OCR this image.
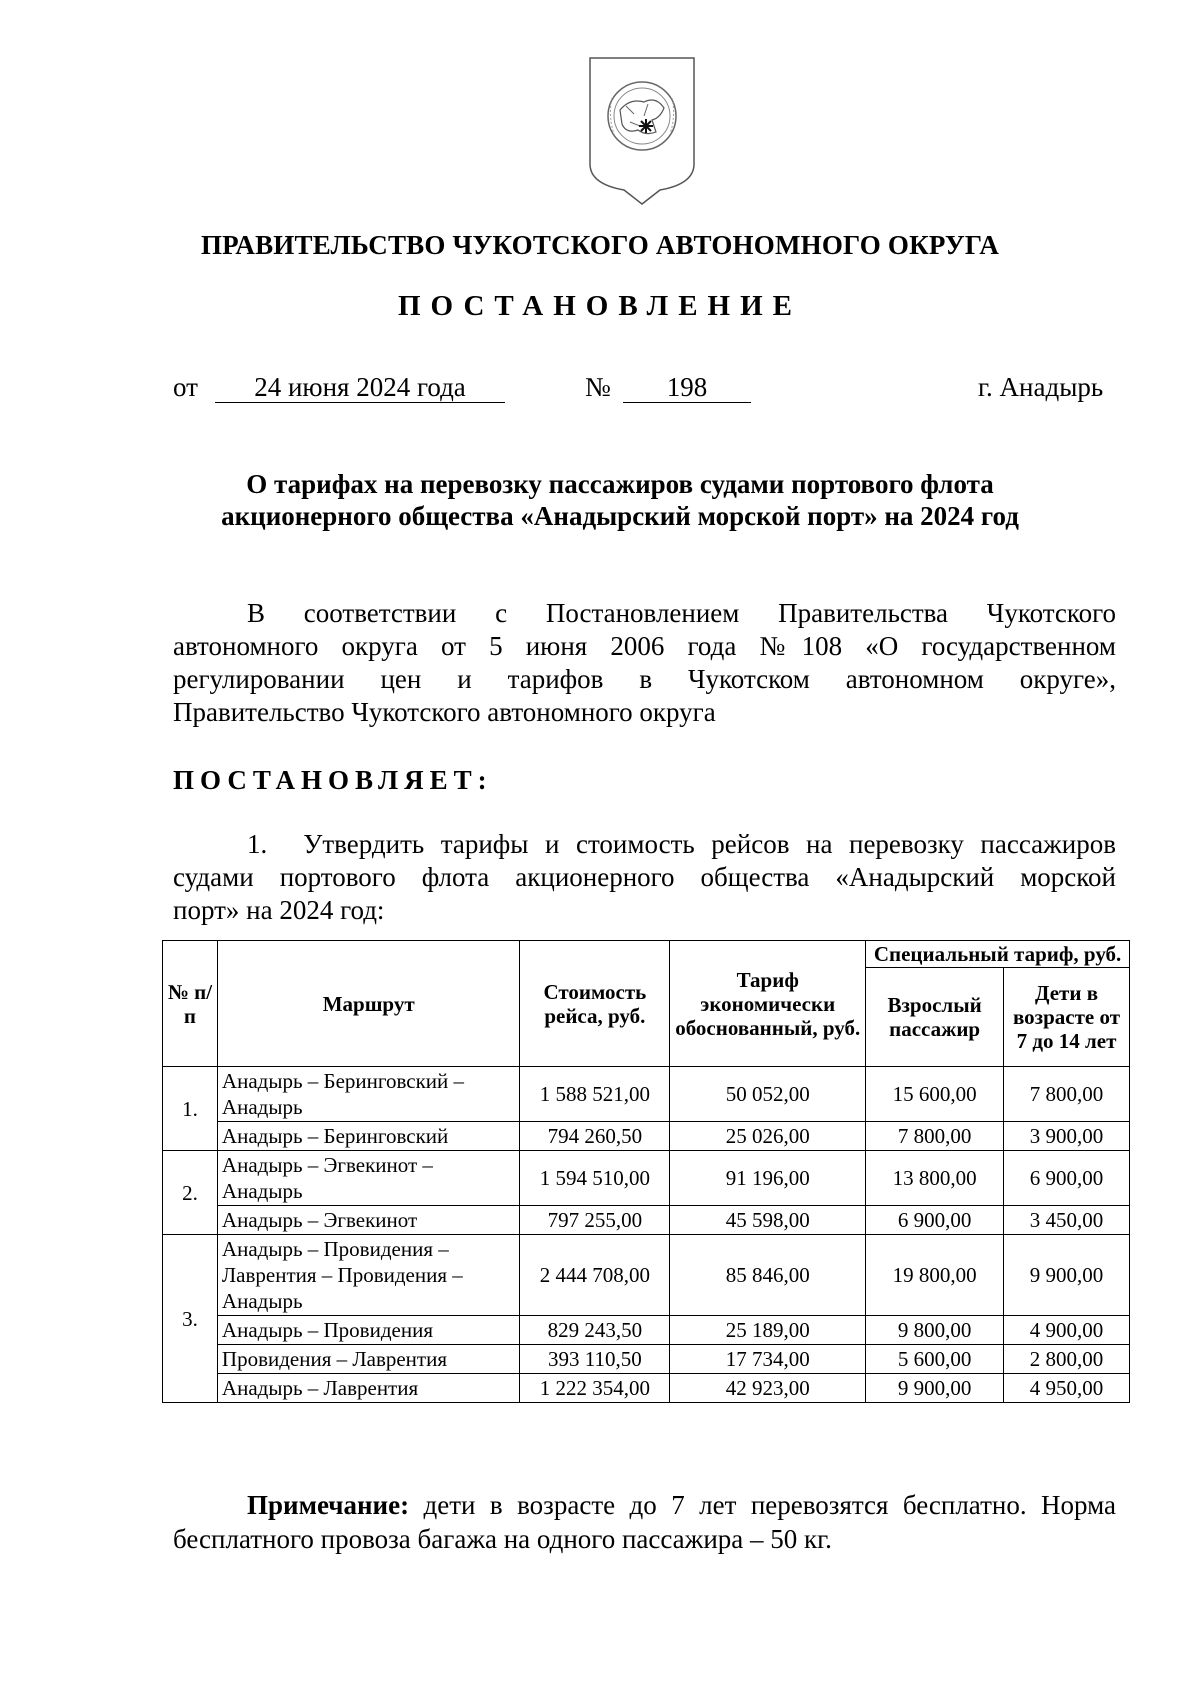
ПРАВИТЕЛЬСТВО ЧУКОТСКОГО АВТОНОМНОГО ОКРУГА
ПОСТАНОВЛЕНИЕ
от	24 июня 2024 года	№	198	г. Анадырь
О тарифах на перевозку пассажиров судами портового флота
акционерного общества «Анадырский морской порт» на 2024 год
В соответствии с Постановлением Правительства Чукотского
автономного округа от 5 июня 2006 года №108 «О государственном
регулировании цен и тарифов в Чукотском автономном округе»,
Правительство Чукотского автономного округа
ПОСТАНОВЛЯЕТ:
1. Утвердить тарифы и стоимость рейсов на перевозку пассажиров
судами портового флота акционерного общества «Анадырский морской
порт» на 2024 год:
№ п/п	Маршрут	Стоимость рейса, руб.	Тариф экономически обоснованный, руб.	Специальный тариф, руб.	
				Взрослый пассажир	Дети в возрасте от 7 до 14 лет
1.	Анадырь – Беринговский – Анадырь	1 588 521,00	50 052,00	15 600,00	7 800,00
	Анадырь – Беринговский	794 260,50	25 026,00	7 800,00	3 900,00
2.	Анадырь – Эгвекинот – Анадырь	1 594 510,00	91 196,00	13 800,00	6 900,00
	Анадырь – Эгвекинот	797 255,00	45 598,00	6 900,00	3 450,00
3.	Анадырь – Провидения – Лаврентия – Провидения – Анадырь	2 444 708,00	85 846,00	19 800,00	9 900,00
	Анадырь – Провидения	829 243,50	25 189,00	9 800,00	4 900,00
	Провидения – Лаврентия	393 110,50	17 734,00	5 600,00	2 800,00
	Анадырь – Лаврентия	1 222 354,00	42 923,00	9 900,00	4 950,00
Примечание: дети в возрасте до 7 лет перевозятся бесплатно. Норма бесплатного провоза багажа на одного пассажира – 50 кг.
